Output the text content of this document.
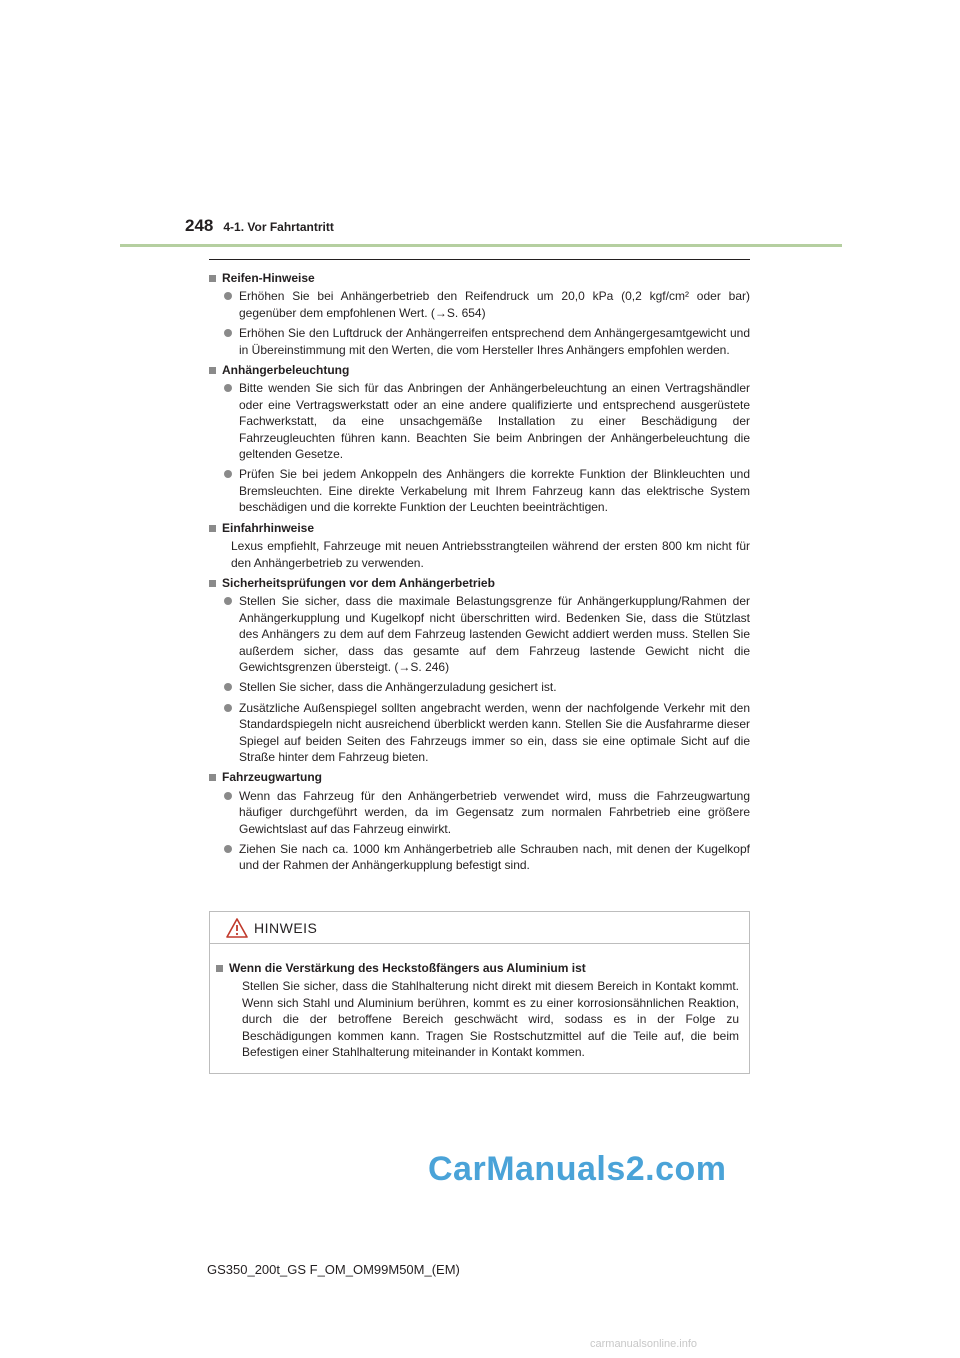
248 4-1. Vor Fahrtantritt
Reifen-Hinweise
Erhöhen Sie bei Anhängerbetrieb den Reifendruck um 20,0 kPa (0,2 kgf/cm² oder bar) gegenüber dem empfohlenen Wert. (→S. 654)
Erhöhen Sie den Luftdruck der Anhängerreifen entsprechend dem Anhängergesamtgewicht und in Übereinstimmung mit den Werten, die vom Hersteller Ihres Anhängers empfohlen werden.
Anhängerbeleuchtung
Bitte wenden Sie sich für das Anbringen der Anhängerbeleuchtung an einen Vertragshändler oder eine Vertragswerkstatt oder an eine andere qualifizierte und entsprechend ausgerüstete Fachwerkstatt, da eine unsachgemäße Installation zu einer Beschädigung der Fahrzeugleuchten führen kann. Beachten Sie beim Anbringen der Anhängerbeleuchtung die geltenden Gesetze.
Prüfen Sie bei jedem Ankoppeln des Anhängers die korrekte Funktion der Blinkleuchten und Bremsleuchten. Eine direkte Verkabelung mit Ihrem Fahrzeug kann das elektrische System beschädigen und die korrekte Funktion der Leuchten beeinträchtigen.
Einfahrhinweise
Lexus empfiehlt, Fahrzeuge mit neuen Antriebsstrangteilen während der ersten 800 km nicht für den Anhängerbetrieb zu verwenden.
Sicherheitsprüfungen vor dem Anhängerbetrieb
Stellen Sie sicher, dass die maximale Belastungsgrenze für Anhängerkupplung/Rahmen der Anhängerkupplung und Kugelkopf nicht überschritten wird. Bedenken Sie, dass die Stützlast des Anhängers zu dem auf dem Fahrzeug lastenden Gewicht addiert werden muss. Stellen Sie außerdem sicher, dass das gesamte auf dem Fahrzeug lastende Gewicht nicht die Gewichtsgrenzen übersteigt. (→S. 246)
Stellen Sie sicher, dass die Anhängerzuladung gesichert ist.
Zusätzliche Außenspiegel sollten angebracht werden, wenn der nachfolgende Verkehr mit den Standardspiegeln nicht ausreichend überblickt werden kann. Stellen Sie die Ausfahrarme dieser Spiegel auf beiden Seiten des Fahrzeugs immer so ein, dass sie eine optimale Sicht auf die Straße hinter dem Fahrzeug bieten.
Fahrzeugwartung
Wenn das Fahrzeug für den Anhängerbetrieb verwendet wird, muss die Fahrzeugwartung häufiger durchgeführt werden, da im Gegensatz zum normalen Fahrbetrieb eine größere Gewichtslast auf das Fahrzeug einwirkt.
Ziehen Sie nach ca. 1000 km Anhängerbetrieb alle Schrauben nach, mit denen der Kugelkopf und der Rahmen der Anhängerkupplung befestigt sind.
HINWEIS
Wenn die Verstärkung des Heckstoßfängers aus Aluminium ist
Stellen Sie sicher, dass die Stahlhalterung nicht direkt mit diesem Bereich in Kontakt kommt. Wenn sich Stahl und Aluminium berühren, kommt es zu einer korrosionsähnlichen Reaktion, durch die der betroffene Bereich geschwächt wird, sodass es in der Folge zu Beschädigungen kommen kann. Tragen Sie Rostschutzmittel auf die Teile auf, die beim Befestigen einer Stahlhalterung miteinander in Kontakt kommen.
CarManuals2.com
GS350_200t_GS F_OM_OM99M50M_(EM)
carmanualsonline.info
